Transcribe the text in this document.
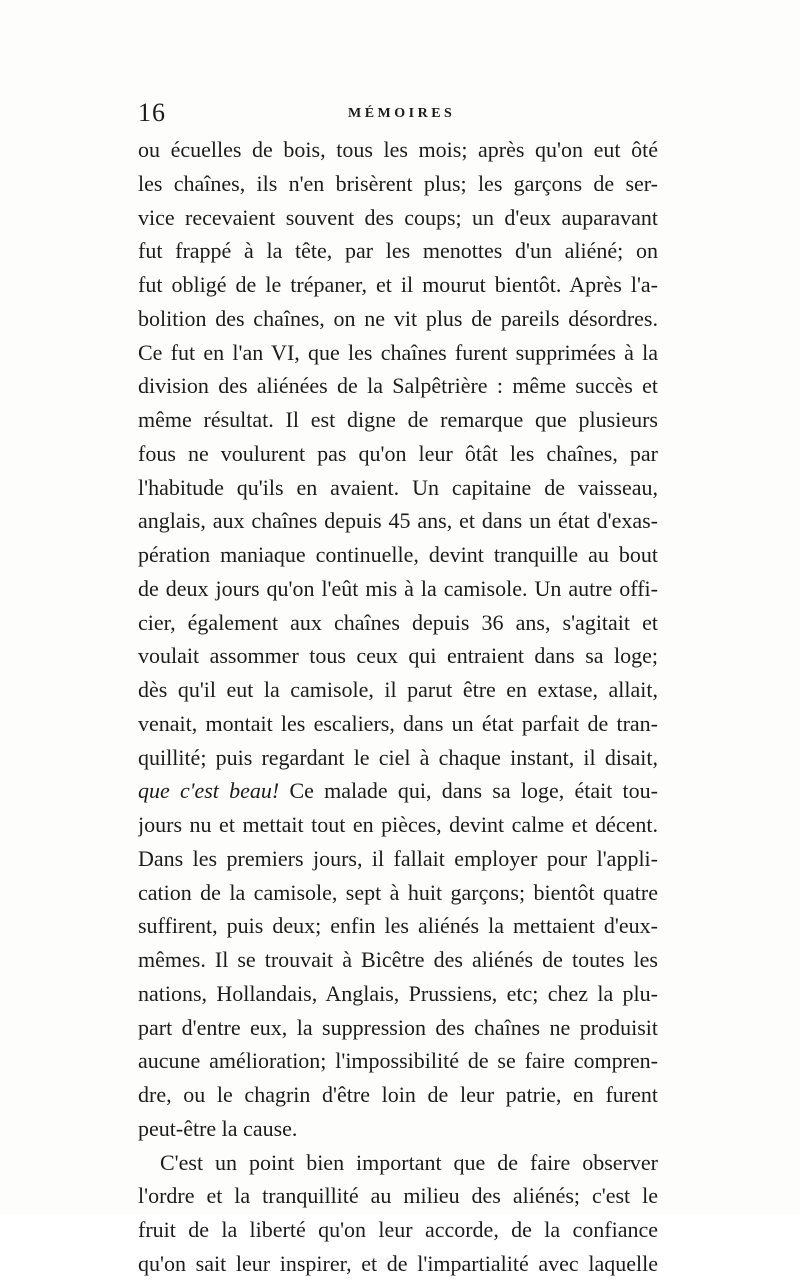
16	MÉMOIRES
ou écuelles de bois, tous les mois; après qu'on eut ôté
les chaînes, ils n'en brisèrent plus; les garçons de ser-
vice recevaient souvent des coups; un d'eux auparavant
fut frappé à la tête, par les menottes d'un aliéné; on
fut obligé de le trépaner, et il mourut bientôt. Après l'a-
bolition des chaînes, on ne vit plus de pareils désordres.
Ce fut en l'an VI, que les chaînes furent supprimées à la
division des aliénées de la Salpêtrière : même succès et
même résultat. Il est digne de remarque que plusieurs
fous ne voulurent pas qu'on leur ôtât les chaînes, par
l'habitude qu'ils en avaient. Un capitaine de vaisseau,
anglais, aux chaînes depuis 45 ans, et dans un état d'exas-
pération maniaque continuelle, devint tranquille au bout
de deux jours qu'on l'eût mis à la camisole. Un autre offi-
cier, également aux chaînes depuis 36 ans, s'agitait et
voulait assommer tous ceux qui entraient dans sa loge;
dès qu'il eut la camisole, il parut être en extase, allait,
venait, montait les escaliers, dans un état parfait de tran-
quillité; puis regardant le ciel à chaque instant, il disait,
que c'est beau! Ce malade qui, dans sa loge, était tou-
jours nu et mettait tout en pièces, devint calme et décent.
Dans les premiers jours, il fallait employer pour l'appli-
cation de la camisole, sept à huit garçons; bientôt quatre
suffirent, puis deux; enfin les aliénés la mettaient d'eux-
mêmes. Il se trouvait à Bicêtre des aliénés de toutes les
nations, Hollandais, Anglais, Prussiens, etc; chez la plu-
part d'entre eux, la suppression des chaînes ne produisit
aucune amélioration; l'impossibilité de se faire compren-
dre, ou le chagrin d'être loin de leur patrie, en furent
peut-être la cause.
C'est un point bien important que de faire observer
l'ordre et la tranquillité au milieu des aliénés; c'est le
fruit de la liberté qu'on leur accorde, de la confiance
qu'on sait leur inspirer, et de l'impartialité avec laquelle
